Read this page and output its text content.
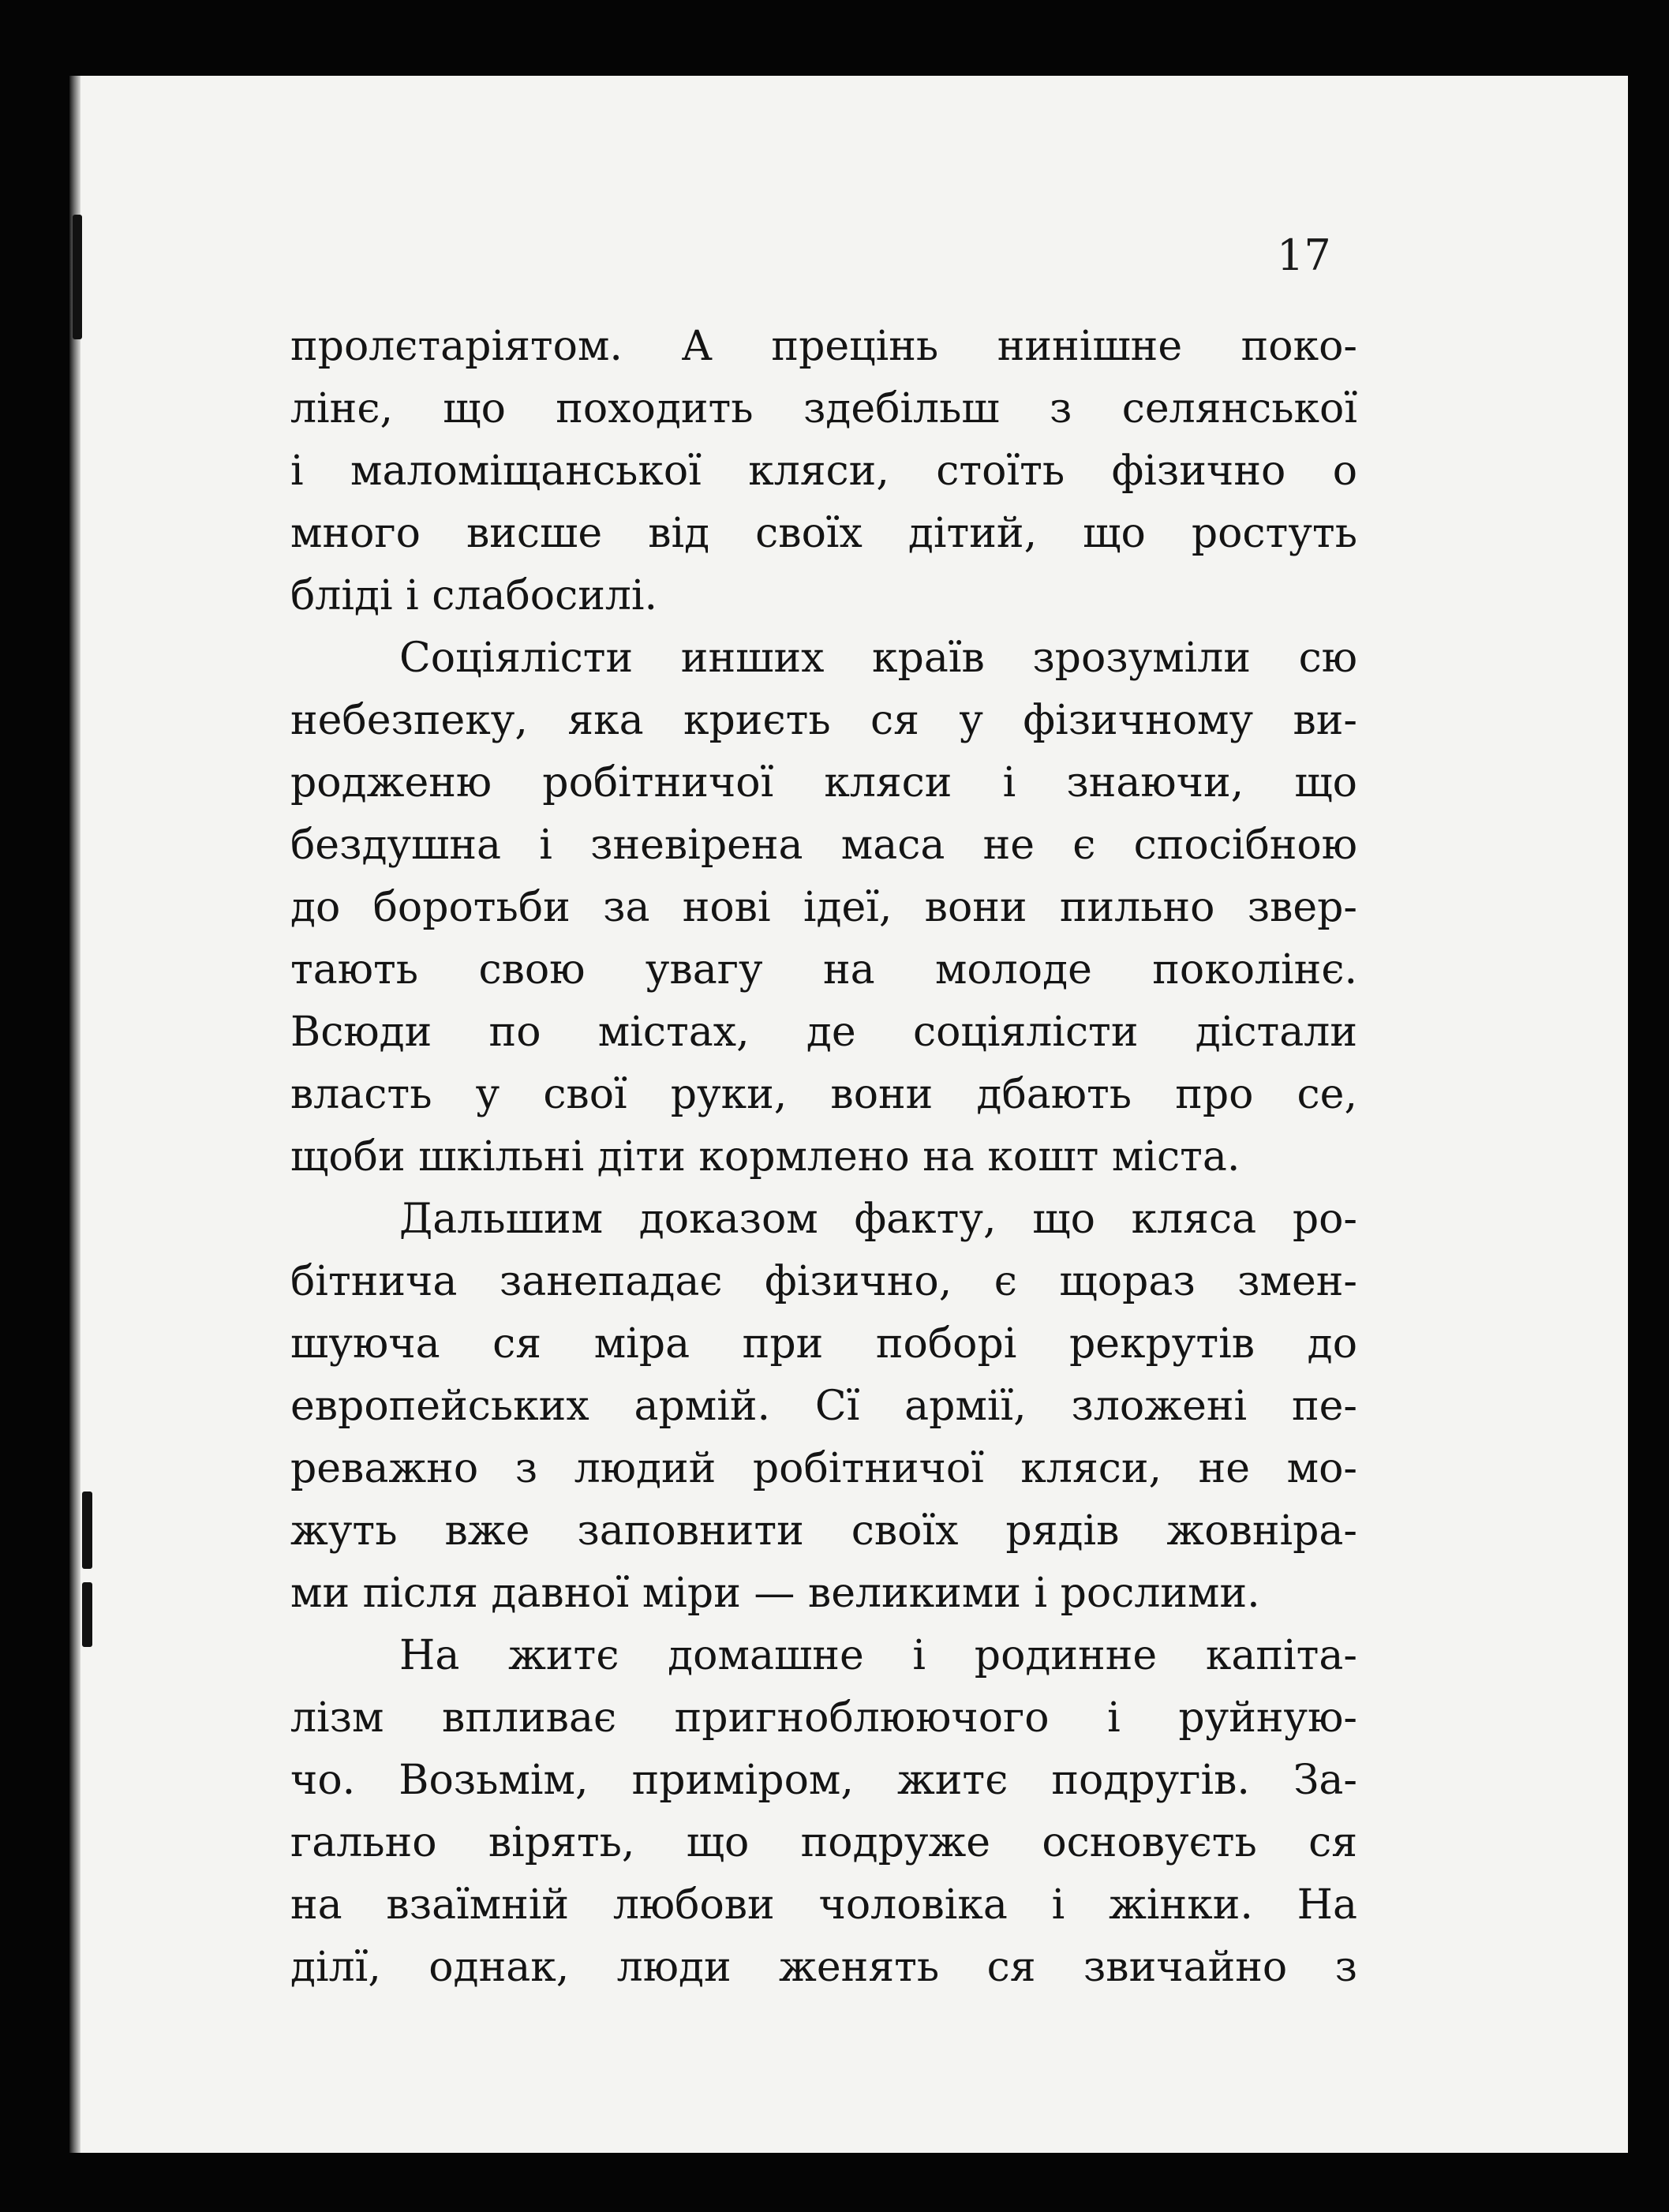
17
пролєтаріятом. А прецінь нинішне поко-
лінє, що походить здебільш з селянської
і маломіщанської кляси, стоїть фізично о
много висше від своїх дітий, що ростуть
бліді і слабосилі.
Соціялісти инших країв зрозуміли сю
небезпеку, яка криєть ся у фізичному ви-
родженю робітничої кляси і знаючи, що
бездушна і зневірена маса не є спосібною
до боротьби за нові ідеї, вони пильно звер-
тають свою увагу на молоде поколінє.
Всюди по містах, де соціялісти дістали
власть у свої руки, вони дбають про се,
щоби шкільні діти кормлено на кошт міста.
Дальшим доказом факту, що кляса ро-
бітнича занепадає фізично, є щораз змен-
шуюча ся міра при поборі рекрутів до
европейських армій. Сї армії, зложені пе-
реважно з людий робітничої кляси, не мо-
жуть вже заповнити своїх рядів жовніра-
ми після давної міри — великими і рослими.
На житє домашне і родинне капіта-
лізм впливає пригноблюючого і руйную-
чо. Возьмім, приміром, житє подругів. За-
гально вірять, що подруже основуєть ся
на взаїмній любови чоловіка і жінки. На
ділї, однак, люди женять ся звичайно з
